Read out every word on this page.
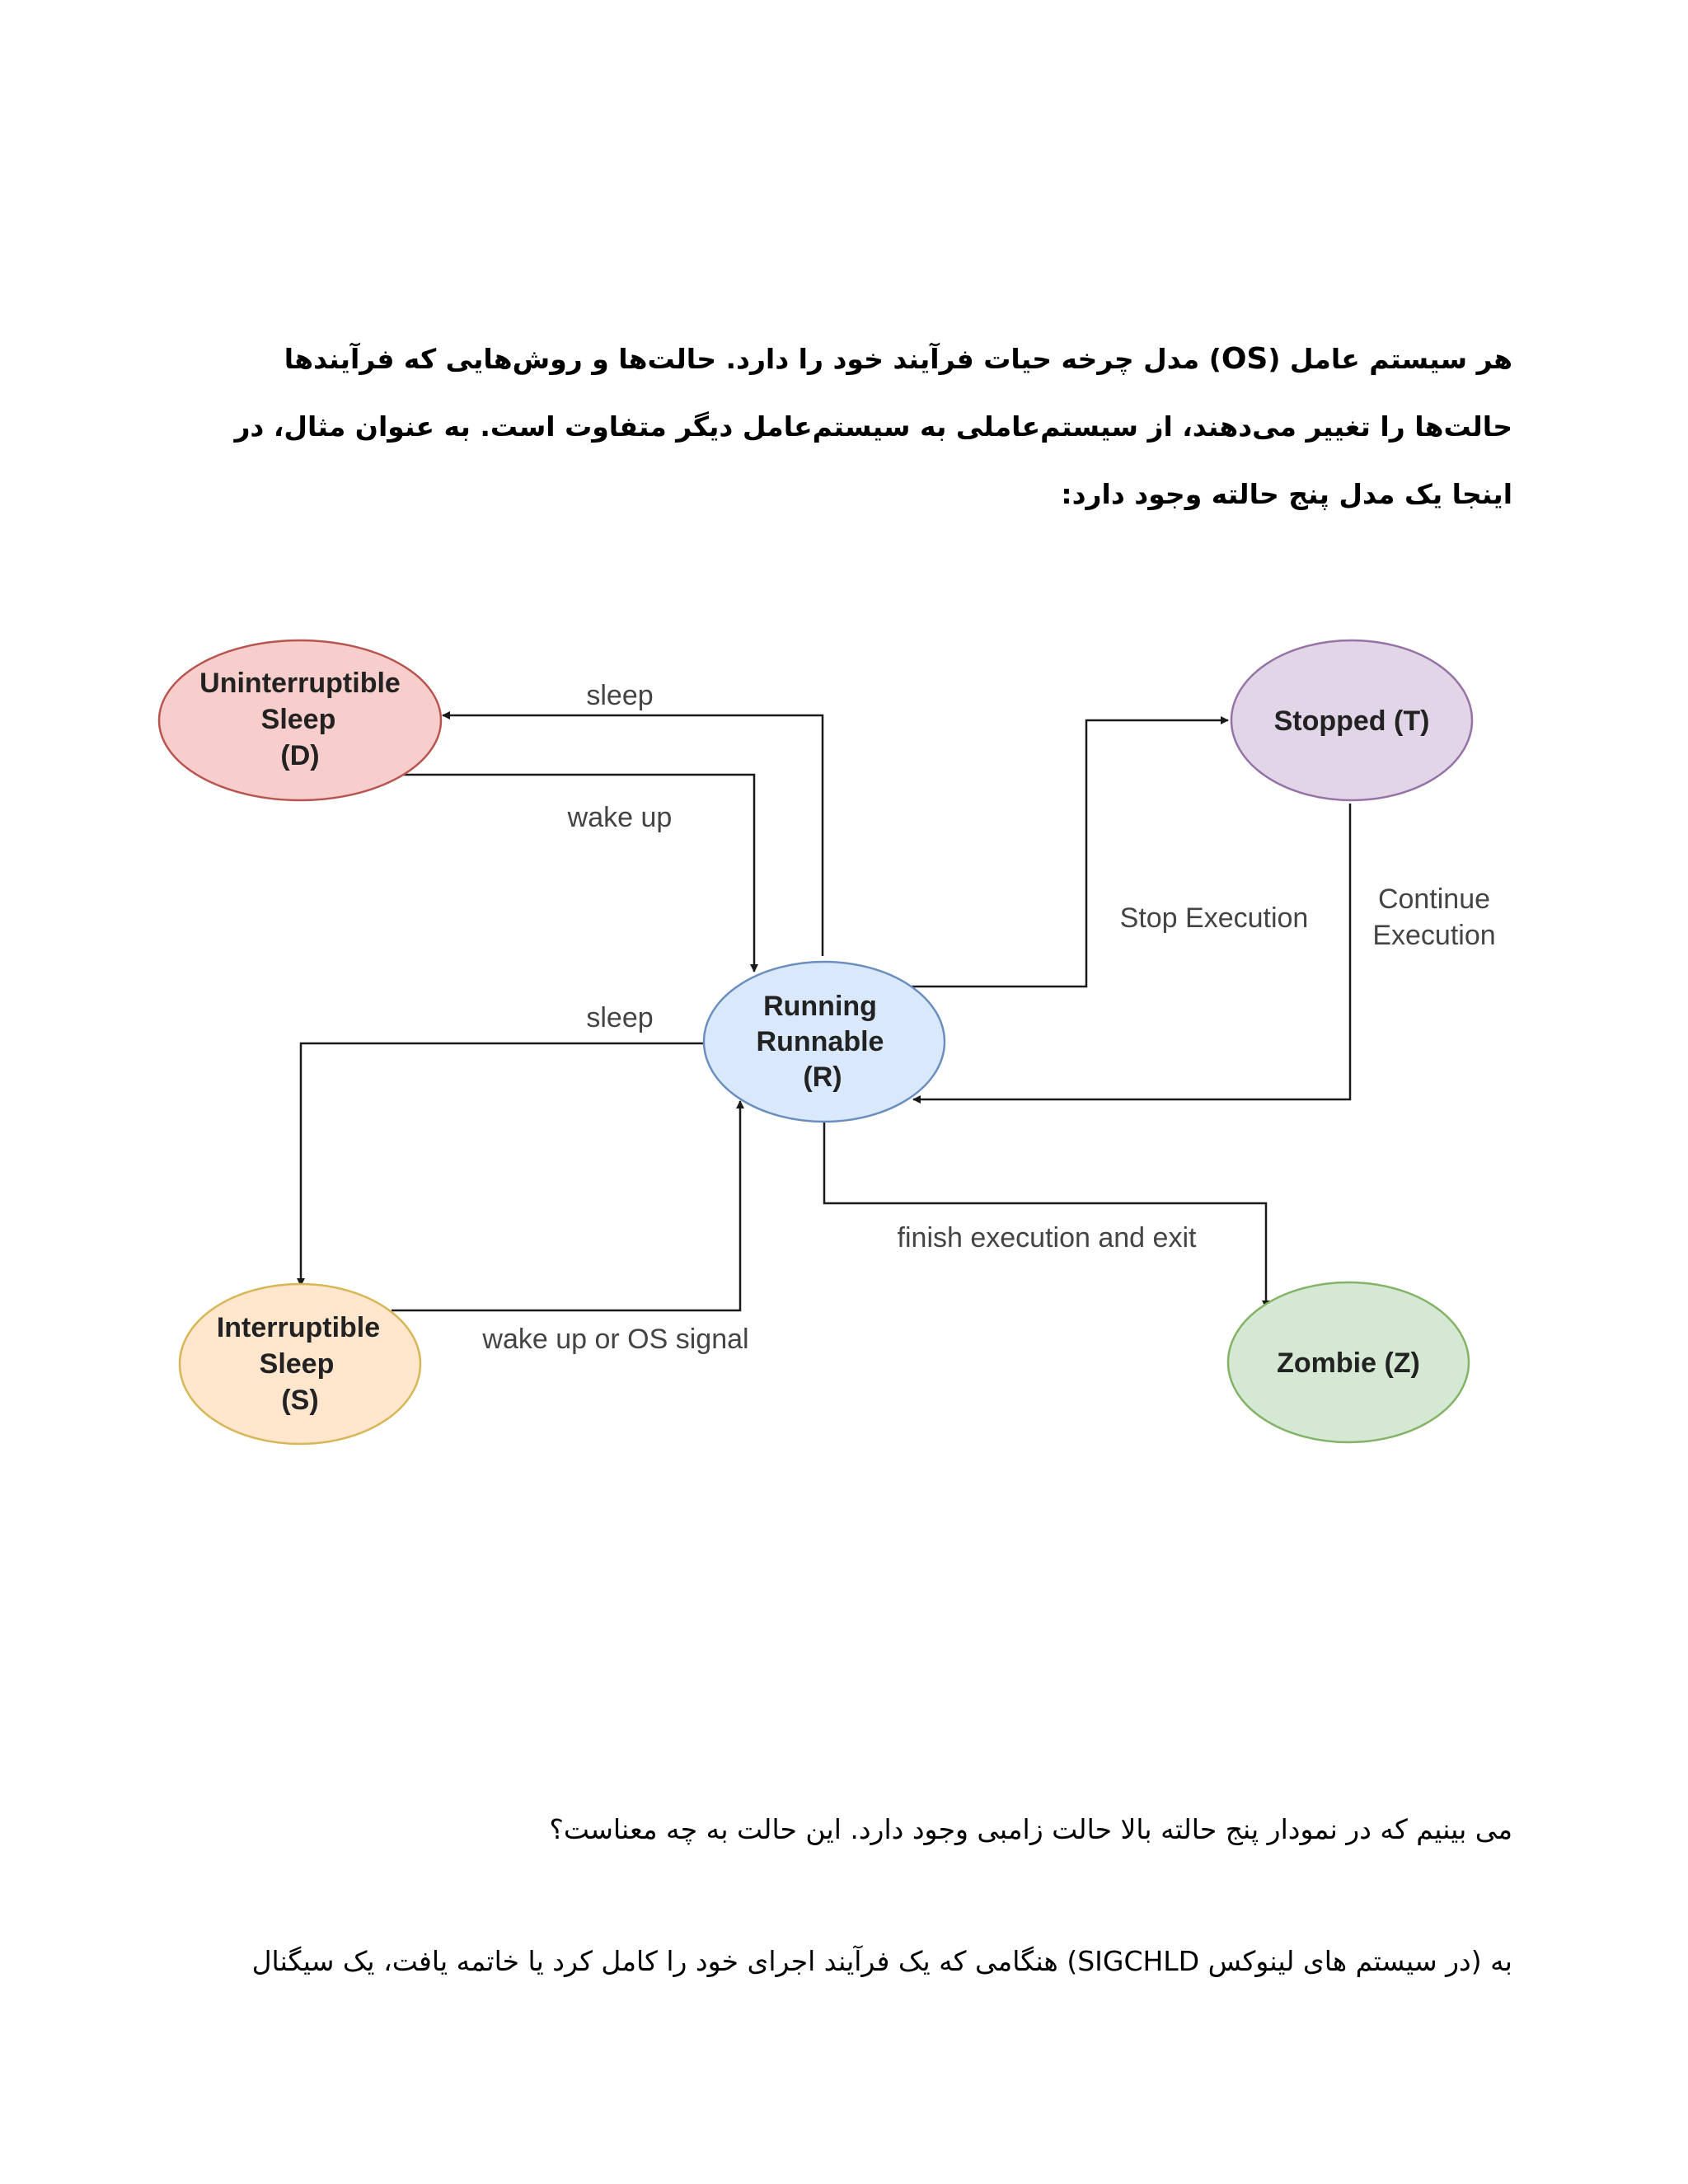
هر سیستم عامل (OS) مدل چرخه حیات فرآیند خود را دارد. حالت‌ها و روش‌هایی که فرآیندها حالت‌ها را تغییر می‌دهند، از سیستم‌عاملی به سیستم‌عامل دیگر متفاوت است. به عنوان مثال، در اینجا یک مدل پنج حالته وجود دارد:
Uninterruptible
Sleep
(D)
Stopped (T)
Running
Runnable
(R)
Interruptible
Sleep
(S)
Zombie (Z)
sleep
wake up
Stop Execution
Continue
Execution
sleep
finish execution and exit
wake up or OS signal
می بینیم که در نمودار پنج حالته بالا حالت زامبی وجود دارد. این حالت به چه معناست؟
به (در سیستم های لینوکس SIGCHLD) هنگامی که یک فرآیند اجرای خود را کامل کرد یا خاتمه یافت، یک سیگنال
